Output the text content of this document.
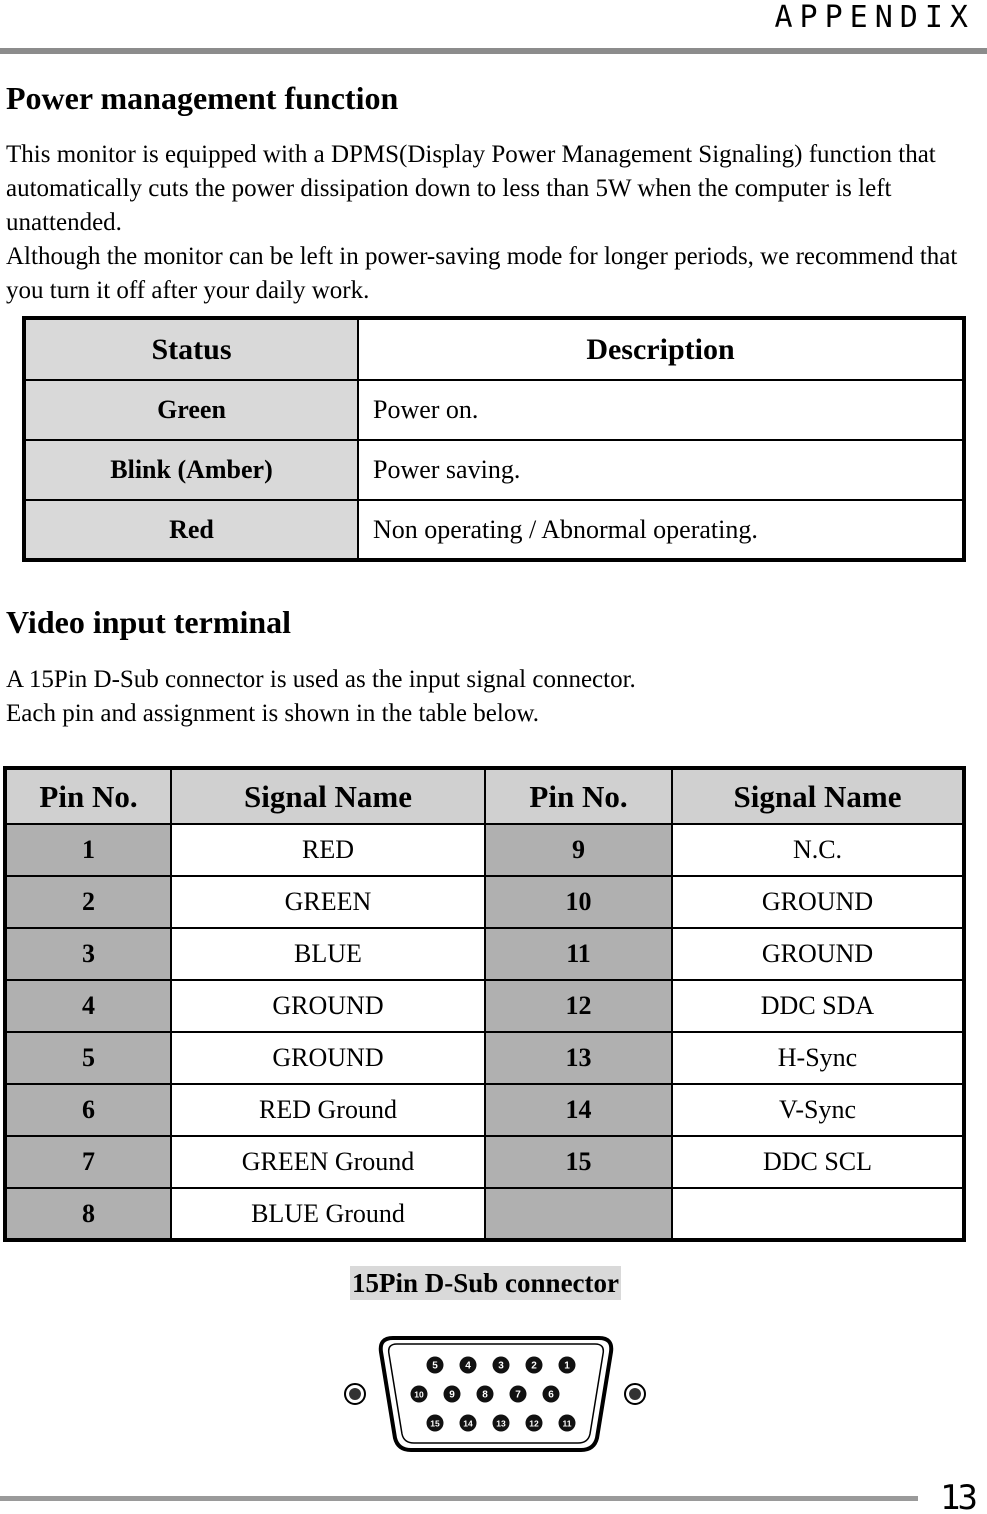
APPENDIX
Power management function
This monitor is equipped with a DPMS(Display Power Management Signaling) function that automatically cuts the power dissipation down to less than 5W when the computer is left unattended.
Although the monitor can be left in power-saving mode for longer periods, we recommend that you turn it off after your daily work.
Status	Description
Green	Power on.
Blink (Amber)	Power saving.
Red	Non operating / Abnormal operating.
Video input terminal
A 15Pin D-Sub connector is used as the input signal connector.
Each pin and assignment is shown in the table below.
Pin No.	Signal Name	Pin No.	Signal Name
1	RED	9	N.C.
2	GREEN	10	GROUND
3	BLUE	11	GROUND
4	GROUND	12	DDC SDA
5	GROUND	13	H-Sync
6	RED Ground	14	V-Sync
7	GREEN Ground	15	DDC SCL
8	BLUE Ground		
15Pin D-Sub connector
5	4	3	2	1
10	9	8	7	6
15	14	13	12	11
13
